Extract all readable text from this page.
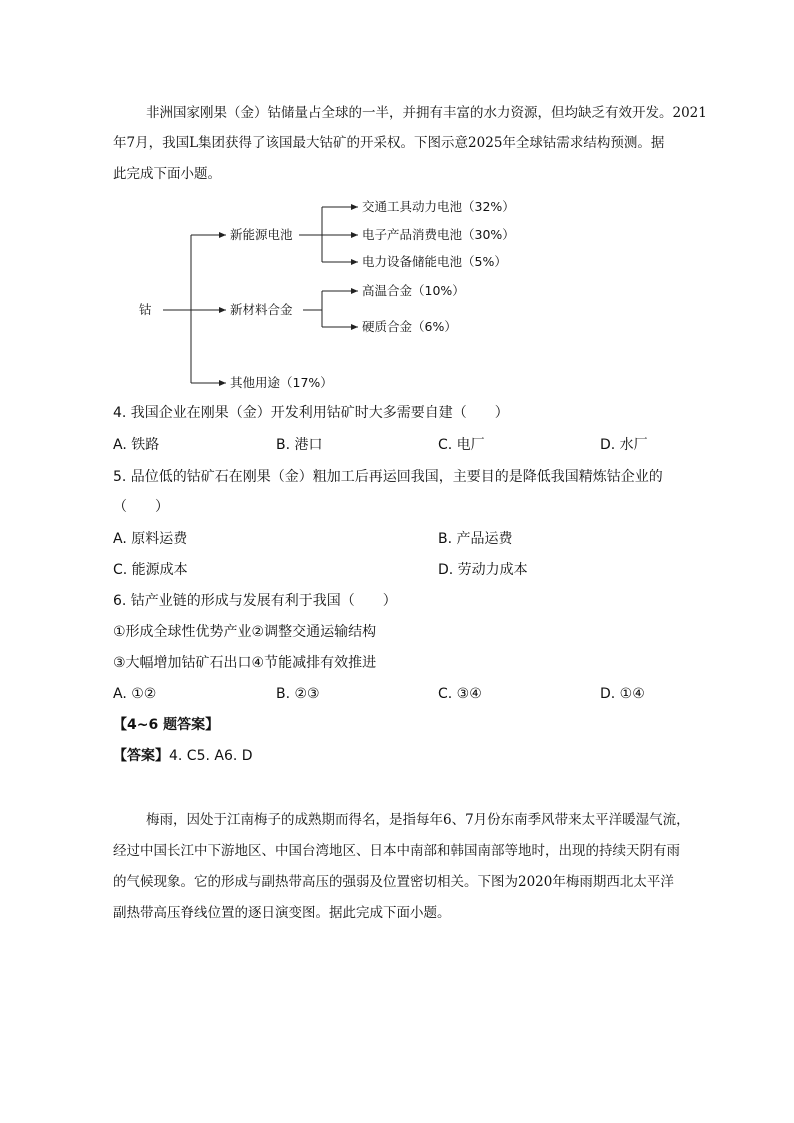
非洲国家刚果（金）钴储量占全球的一半，并拥有丰富的水力资源，但均缺乏有效开发。2021
年7月，我国L集团获得了该国最大钴矿的开采权。下图示意2025年全球钴需求结构预测。据
此完成下面小题。
钴
新能源电池
新材料合金
其他用途（17%）
交通工具动力电池（32%）
电子产品消费电池（30%）
电力设备储能电池（5%）
高温合金（10%）
硬质合金（6%）
4. 我国企业在刚果（金）开发利用钴矿时大多需要自建（　　）
A. 铁路	B. 港口	C. 电厂	D. 水厂
5. 品位低的钴矿石在刚果（金）粗加工后再运回我国，主要目的是降低我国精炼钴企业的
（　　）
A. 原料运费	B. 产品运费
C. 能源成本	D. 劳动力成本
6. 钴产业链的形成与发展有利于我国（　　）
①形成全球性优势产业②调整交通运输结构
③大幅增加钴矿石出口④节能减排有效推进
A. ①②	B. ②③	C. ③④	D. ①④
【4~6 题答案】
【答案】4. C5. A6. D
梅雨，因处于江南梅子的成熟期而得名，是指每年6、7月份东南季风带来太平洋暖湿气流，
经过中国长江中下游地区、中国台湾地区、日本中南部和韩国南部等地时，出现的持续天阴有雨
的气候现象。它的形成与副热带高压的强弱及位置密切相关。下图为2020年梅雨期西北太平洋
副热带高压脊线位置的逐日演变图。据此完成下面小题。
